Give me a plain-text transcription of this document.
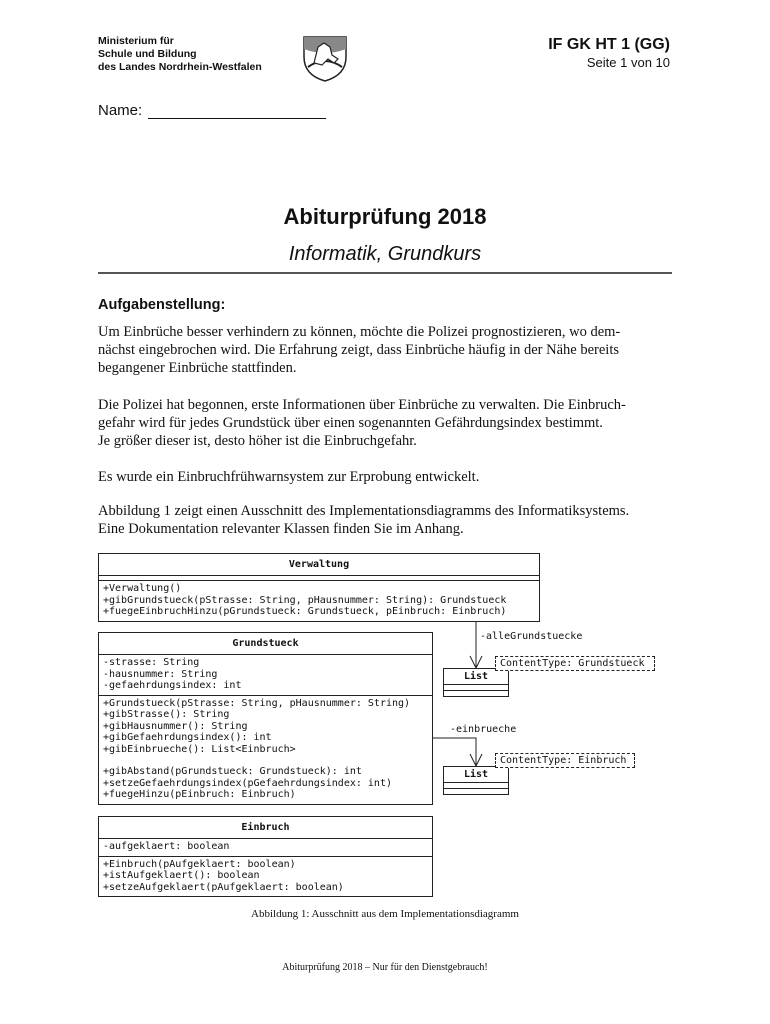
Ministerium für
Schule und Bildung
des Landes Nordrhein-Westfalen
IF GK HT 1 (GG)
Seite 1 von 10
Name:
Abiturprüfung 2018
Informatik, Grundkurs
Aufgabenstellung:
Um Einbrüche besser verhindern zu können, möchte die Polizei prognostizieren, wo dem-
nächst eingebrochen wird. Die Erfahrung zeigt, dass Einbrüche häufig in der Nähe bereits
begangener Einbrüche stattfinden.
Die Polizei hat begonnen, erste Informationen über Einbrüche zu verwalten. Die Einbruch-
gefahr wird für jedes Grundstück über einen sogenannten Gefährdungsindex bestimmt.
Je größer dieser ist, desto höher ist die Einbruchgefahr.
Es wurde ein Einbruchfrühwarnsystem zur Erprobung entwickelt.
Abbildung 1 zeigt einen Ausschnitt des Implementationsdiagramms des Informatiksystems.
Eine Dokumentation relevanter Klassen finden Sie im Anhang.
Verwaltung
+Verwaltung()
+gibGrundstueck(pStrasse: String, pHausnummer: String): Grundstueck
+fuegeEinbruchHinzu(pGrundstueck: Grundstueck, pEinbruch: Einbruch)
Grundstueck
-strasse: String
-hausnummer: String
-gefaehrdungsindex: int
+Grundstueck(pStrasse: String, pHausnummer: String)
+gibStrasse(): String
+gibHausnummer(): String
+gibGefaehrdungsindex(): int
+gibEinbrueche(): List<Einbruch>
+gibAbstand(pGrundstueck: Grundstueck): int
+setzeGefaehrdungsindex(pGefaehrdungsindex: int)
+fuegeHinzu(pEinbruch: Einbruch)
Einbruch
-aufgeklaert: boolean
+Einbruch(pAufgeklaert: boolean)
+istAufgeklaert(): boolean
+setzeAufgeklaert(pAufgeklaert: boolean)
-alleGrundstuecke
List
ContentType: Grundstueck
-einbrueche
List
ContentType: Einbruch
Abbildung 1: Ausschnitt aus dem Implementationsdiagramm
Abiturprüfung 2018 – Nur für den Dienstgebrauch!
